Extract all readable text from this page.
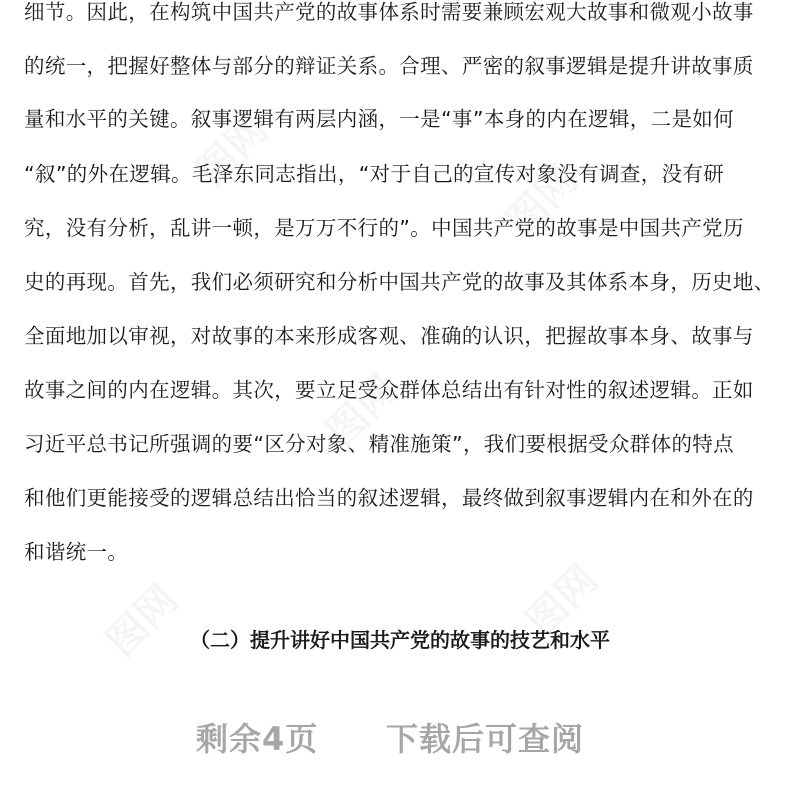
图网
图网
图网
图网	图网
细节。因此，在构筑中国共产党的故事体系时需要兼顾宏观大故事和微观小故事
的统一，把握好整体与部分的辩证关系。合理、严密的叙事逻辑是提升讲故事质
量和水平的关键。叙事逻辑有两层内涵，一是“事”本身的内在逻辑，二是如何
“叙”的外在逻辑。毛泽东同志指出，“对于自己的宣传对象没有调查，没有研
究，没有分析，乱讲一顿，是万万不行的”。中国共产党的故事是中国共产党历
史的再现。首先，我们必须研究和分析中国共产党的故事及其体系本身，历史地、
全面地加以审视，对故事的本来形成客观、准确的认识，把握故事本身、故事与
故事之间的内在逻辑。其次，要立足受众群体总结出有针对性的叙述逻辑。正如
习近平总书记所强调的要“区分对象、精准施策”，我们要根据受众群体的特点
和他们更能接受的逻辑总结出恰当的叙述逻辑，最终做到叙事逻辑内在和外在的
和谐统一。
（二）提升讲好中国共产党的故事的技艺和水平
剩余4页 下载后可查阅
